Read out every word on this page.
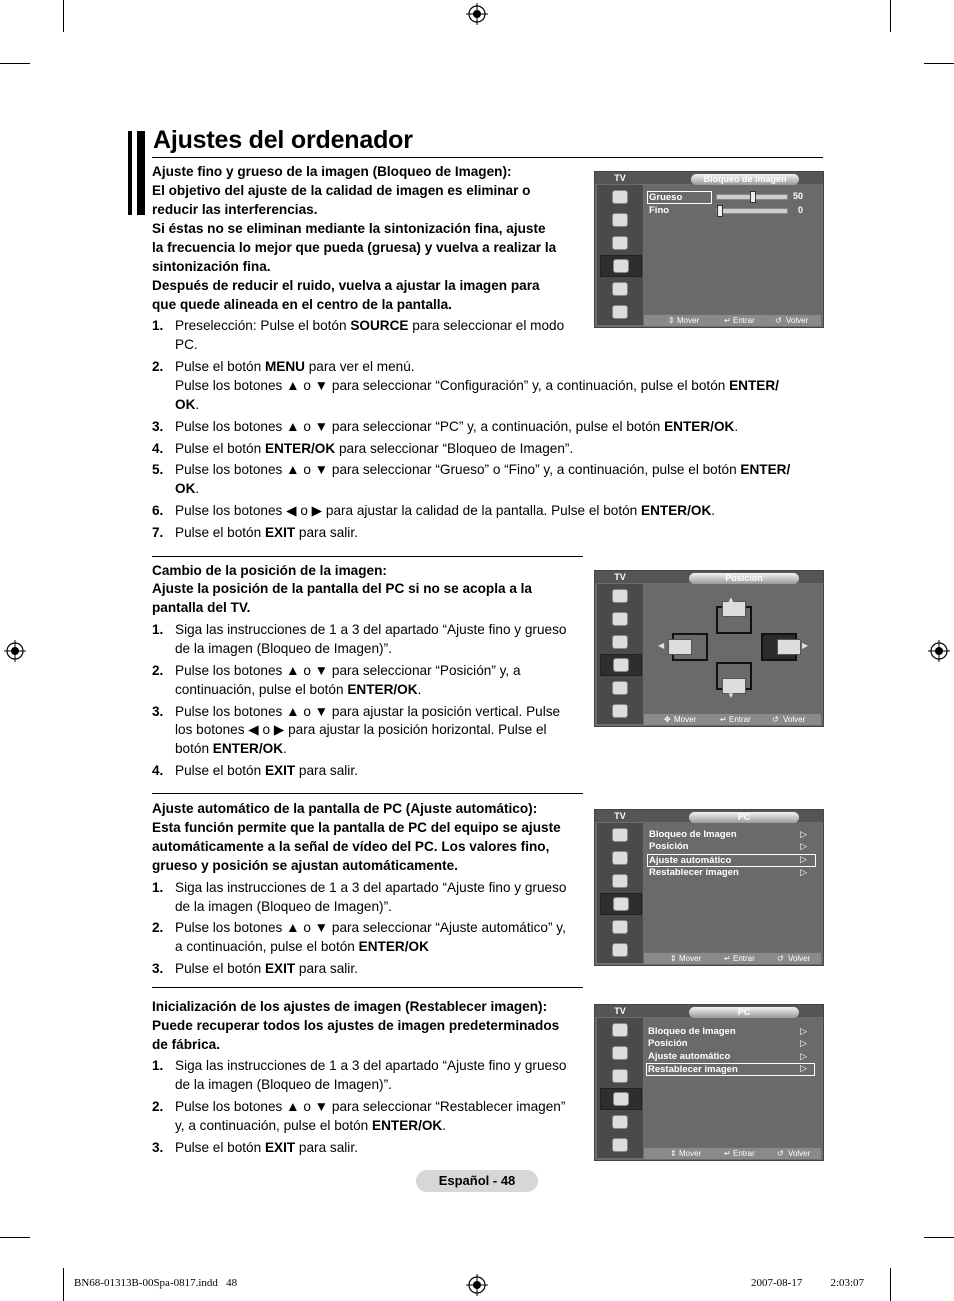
Ajustes del ordenador
Ajuste fino y grueso de la imagen (Bloqueo de Imagen):
El objetivo del ajuste de la calidad de imagen es eliminar o
reducir las interferencias.
Si éstas no se eliminan mediante la sintonización fina, ajuste
la frecuencia lo mejor que pueda (gruesa) y vuelva a realizar la
sintonización fina.
Después de reducir el ruido, vuelva a ajustar la imagen para
que quede alineada en el centro de la pantalla.
1. Preselección: Pulse el botón SOURCE para seleccionar el modo
PC.
2. Pulse el botón MENU para ver el menú.
Pulse los botones ▲ o ▼ para seleccionar “Configuración” y, a continuación, pulse el botón ENTER/
OK.
3. Pulse los botones ▲ o ▼ para seleccionar “PC” y, a continuación, pulse el botón ENTER/OK.
4. Pulse el botón ENTER/OK para seleccionar “Bloqueo de Imagen”.
5. Pulse los botones ▲ o ▼ para seleccionar “Grueso” o “Fino” y, a continuación, pulse el botón ENTER/
OK.
6. Pulse los botones ◀ o ▶ para ajustar la calidad de la pantalla. Pulse el botón ENTER/OK.
7. Pulse el botón EXIT para salir.
TV	Bloqueo de Imagen
Grueso	50
Fino	0
⇕ Mover	↵ Entrar	↺ Volver
Cambio de la posición de la imagen:
Ajuste la posición de la pantalla del PC si no se acopla a la
pantalla del TV.
1. Siga las instrucciones de 1 a 3 del apartado “Ajuste fino y grueso
de la imagen (Bloqueo de Imagen)”.
2. Pulse los botones ▲ o ▼ para seleccionar “Posición” y, a
continuación, pulse el botón ENTER/OK.
3. Pulse los botones ▲ o ▼ para ajustar la posición vertical. Pulse
los botones ◀ o ▶ para ajustar la posición horizontal. Pulse el
botón ENTER/OK.
4. Pulse el botón EXIT para salir.
TV	Posición
▲
◀	▶
▼
✥ Mover	↵ Entrar	↺ Volver
Ajuste automático de la pantalla de PC (Ajuste automático):
Esta función permite que la pantalla de PC del equipo se ajuste
automáticamente a la señal de vídeo del PC. Los valores fino,
grueso y posición se ajustan automáticamente.
1. Siga las instrucciones de 1 a 3 del apartado “Ajuste fino y grueso
de la imagen (Bloqueo de Imagen)”.
2. Pulse los botones ▲ o ▼ para seleccionar “Ajuste automático” y,
a continuación, pulse el botón ENTER/OK
3. Pulse el botón EXIT para salir.
TV	PC
Bloqueo de Imagen	▷
Posición	▷
Ajuste automático	▷
Restablecer imagen	▷
⇕ Mover	↵ Entrar	↺ Volver
Inicialización de los ajustes de imagen (Restablecer imagen):
Puede recuperar todos los ajustes de imagen predeterminados
de fábrica.
1. Siga las instrucciones de 1 a 3 del apartado “Ajuste fino y grueso
de la imagen (Bloqueo de Imagen)”.
2. Pulse los botones ▲ o ▼ para seleccionar “Restablecer imagen”
y, a continuación, pulse el botón ENTER/OK.
3. Pulse el botón EXIT para salir.
TV	PC
Bloqueo de Imagen	▷
Posición	▷
Ajuste automático	▷
Restablecer imagen	▷
⇕ Mover	↵ Entrar	↺ Volver
Español - 48
BN68-01313B-00Spa-0817.indd   48	2007-08-17      2:03:07
